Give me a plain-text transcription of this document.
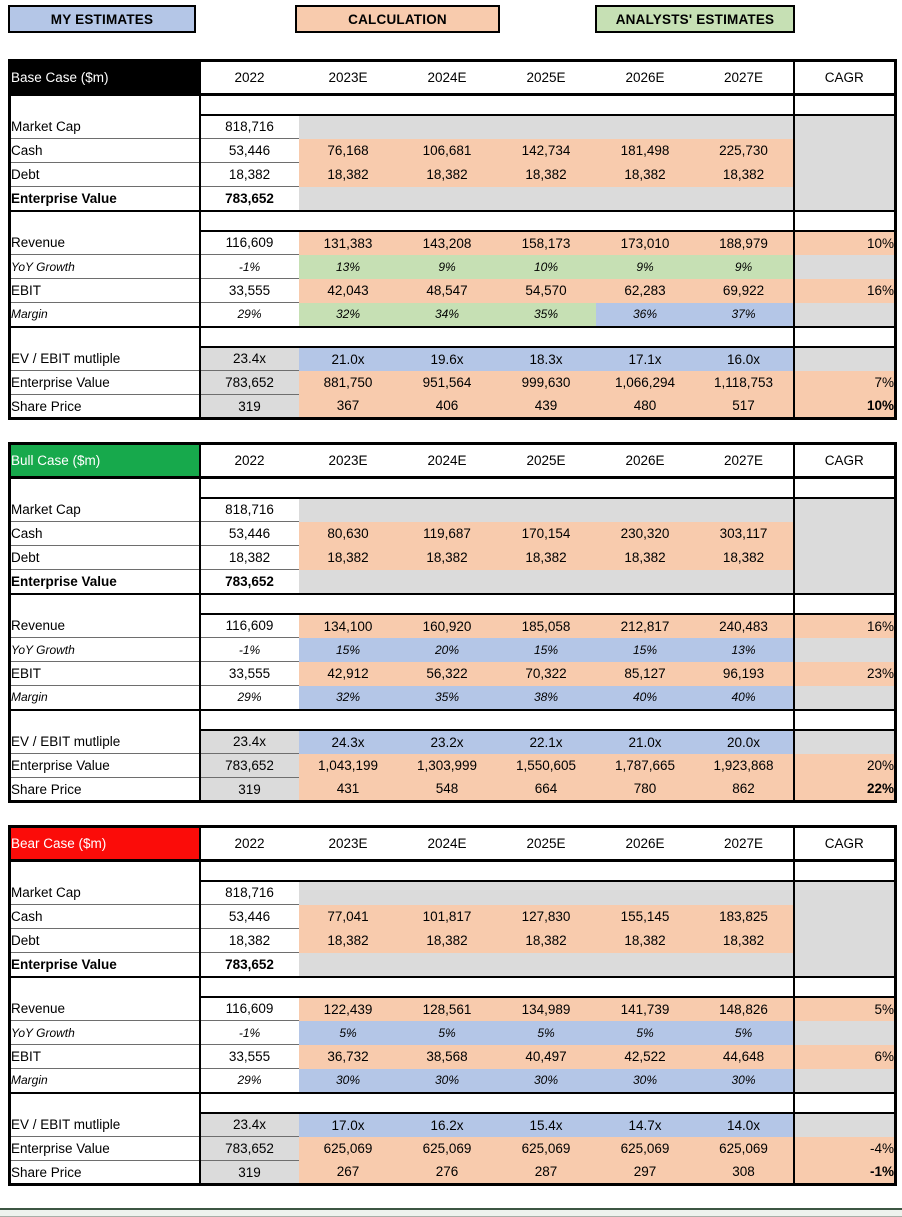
MY ESTIMATES	CALCULATION	ANALYSTS' ESTIMATES
Base Case ($m)	2022	2023E	2024E	2025E	2026E	2027E	CAGR

Market Cap	818,716						
Cash	53,446	76,168	106,681	142,734	181,498	225,730	
Debt	18,382	18,382	18,382	18,382	18,382	18,382	
Enterprise Value	783,652						

Revenue	116,609	131,383	143,208	158,173	173,010	188,979	10%
YoY Growth	-1%	13%	9%	10%	9%	9%	
EBIT	33,555	42,043	48,547	54,570	62,283	69,922	16%
Margin	29%	32%	34%	35%	36%	37%	

EV / EBIT mutliple	23.4x	21.0x	19.6x	18.3x	17.1x	16.0x	
Enterprise Value	783,652	881,750	951,564	999,630	1,066,294	1,118,753	7%
Share Price	319	367	406	439	480	517	10%
Bull Case ($m)	2022	2023E	2024E	2025E	2026E	2027E	CAGR

Market Cap	818,716						
Cash	53,446	80,630	119,687	170,154	230,320	303,117	
Debt	18,382	18,382	18,382	18,382	18,382	18,382	
Enterprise Value	783,652						

Revenue	116,609	134,100	160,920	185,058	212,817	240,483	16%
YoY Growth	-1%	15%	20%	15%	15%	13%	
EBIT	33,555	42,912	56,322	70,322	85,127	96,193	23%
Margin	29%	32%	35%	38%	40%	40%	

EV / EBIT mutliple	23.4x	24.3x	23.2x	22.1x	21.0x	20.0x	
Enterprise Value	783,652	1,043,199	1,303,999	1,550,605	1,787,665	1,923,868	20%
Share Price	319	431	548	664	780	862	22%
Bear Case ($m)	2022	2023E	2024E	2025E	2026E	2027E	CAGR

Market Cap	818,716						
Cash	53,446	77,041	101,817	127,830	155,145	183,825	
Debt	18,382	18,382	18,382	18,382	18,382	18,382	
Enterprise Value	783,652						

Revenue	116,609	122,439	128,561	134,989	141,739	148,826	5%
YoY Growth	-1%	5%	5%	5%	5%	5%	
EBIT	33,555	36,732	38,568	40,497	42,522	44,648	6%
Margin	29%	30%	30%	30%	30%	30%	

EV / EBIT mutliple	23.4x	17.0x	16.2x	15.4x	14.7x	14.0x	
Enterprise Value	783,652	625,069	625,069	625,069	625,069	625,069	-4%
Share Price	319	267	276	287	297	308	-1%
